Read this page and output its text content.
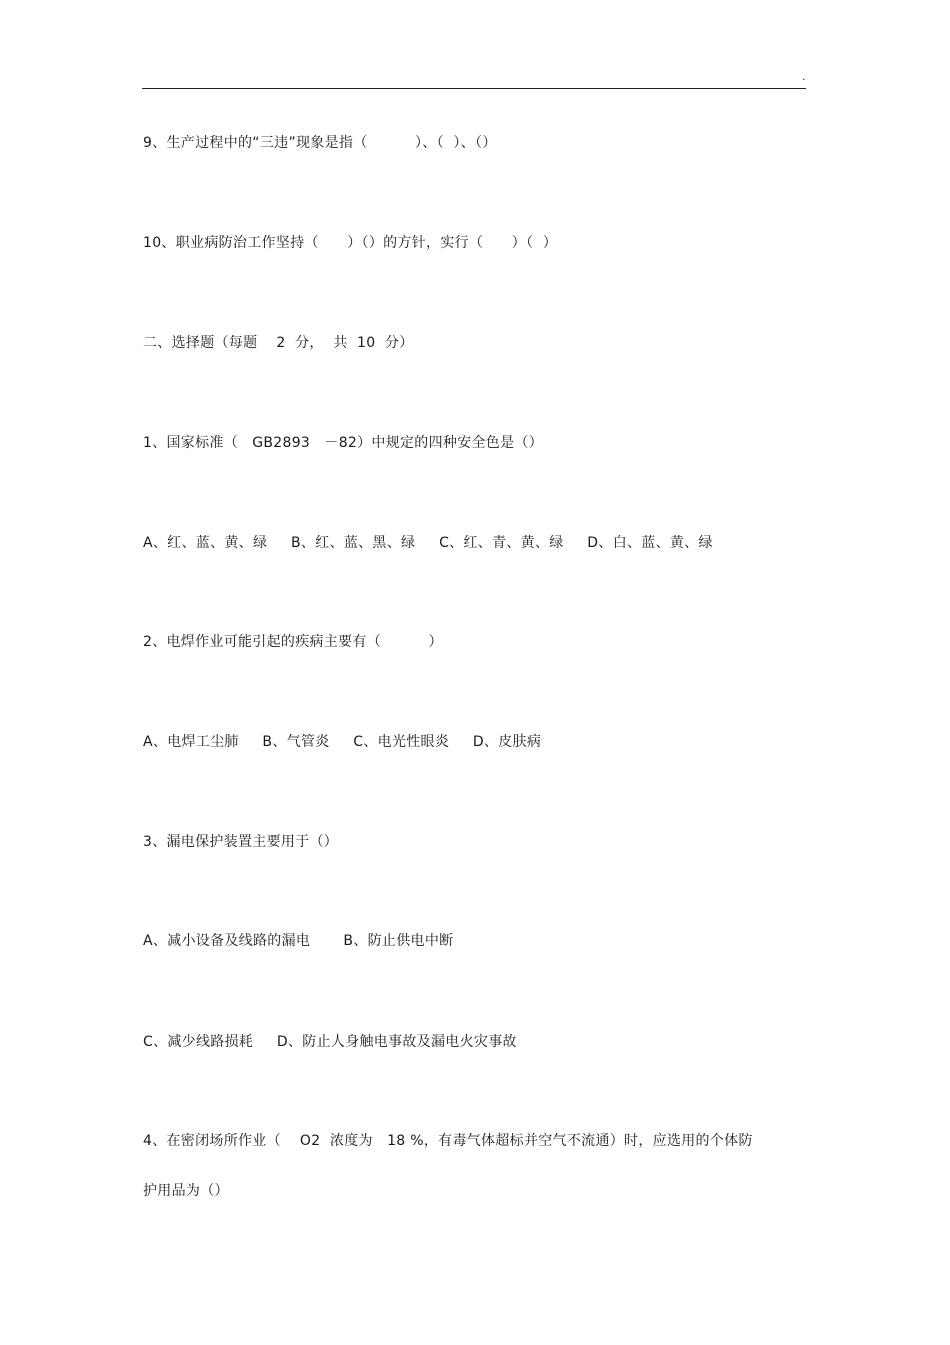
.
9、生产过程中的“三违”现象是指（          ）、（  ）、（）
10、职业病防治工作坚持（      ）（）的方针，实行（      ）（  ）
二、选择题（每题    2  分，  共  10  分）
1、国家标准（   GB2893   －82）中规定的四种安全色是（）
A、红、蓝、黄、绿     B、红、蓝、黑、绿     C、红、青、黄、绿     D、白、蓝、黄、绿
2、电焊作业可能引起的疾病主要有（          ）
A、电焊工尘肺     B、气管炎     C、电光性眼炎     D、皮肤病
3、漏电保护装置主要用于（）
A、减小设备及线路的漏电       B、防止供电中断
C、减少线路损耗     D、防止人身触电事故及漏电火灾事故
4、在密闭场所作业（    O2  浓度为   18 %，有毒气体超标并空气不流通）时，应选用的个体防
护用品为（）
